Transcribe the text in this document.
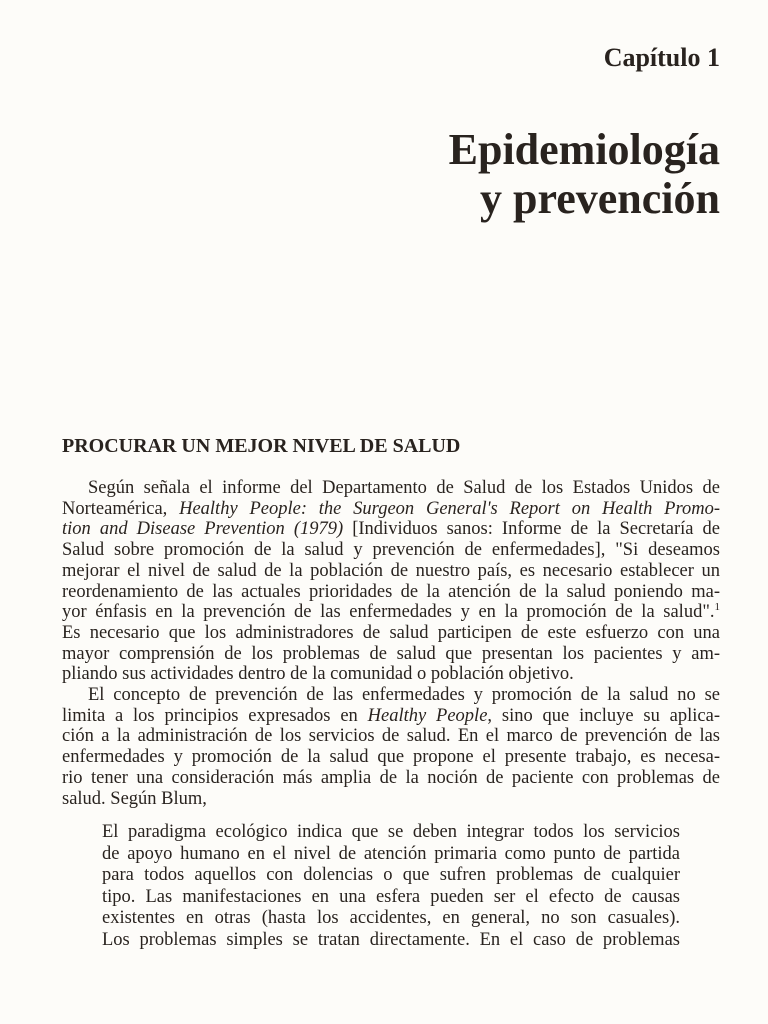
Capítulo 1
Epidemiología
y prevención
PROCURAR UN MEJOR NIVEL DE SALUD
Según señala el informe del Departamento de Salud de los Estados Unidos de
Norteamérica, Healthy People: the Surgeon General's Report on Health Promo-
tion and Disease Prevention (1979) [Individuos sanos: Informe de la Secretaría de
Salud sobre promoción de la salud y prevención de enfermedades], "Si deseamos
mejorar el nivel de salud de la población de nuestro país, es necesario establecer un
reordenamiento de las actuales prioridades de la atención de la salud poniendo ma-
yor énfasis en la prevención de las enfermedades y en la promoción de la salud".$^1$
Es necesario que los administradores de salud participen de este esfuerzo con una
mayor comprensión de los problemas de salud que presentan los pacientes y am-
pliando sus actividades dentro de la comunidad o población objetivo.
El concepto de prevención de las enfermedades y promoción de la salud no se
limita a los principios expresados en Healthy People, sino que incluye su aplica-
ción a la administración de los servicios de salud. En el marco de prevención de las
enfermedades y promoción de la salud que propone el presente trabajo, es necesa-
rio tener una consideración más amplia de la noción de paciente con problemas de
salud. Según Blum,
El paradigma ecológico indica que se deben integrar todos los servicios
de apoyo humano en el nivel de atención primaria como punto de partida
para todos aquellos con dolencias o que sufren problemas de cualquier
tipo. Las manifestaciones en una esfera pueden ser el efecto de causas
existentes en otras (hasta los accidentes, en general, no son casuales).
Los problemas simples se tratan directamente. En el caso de problemas
